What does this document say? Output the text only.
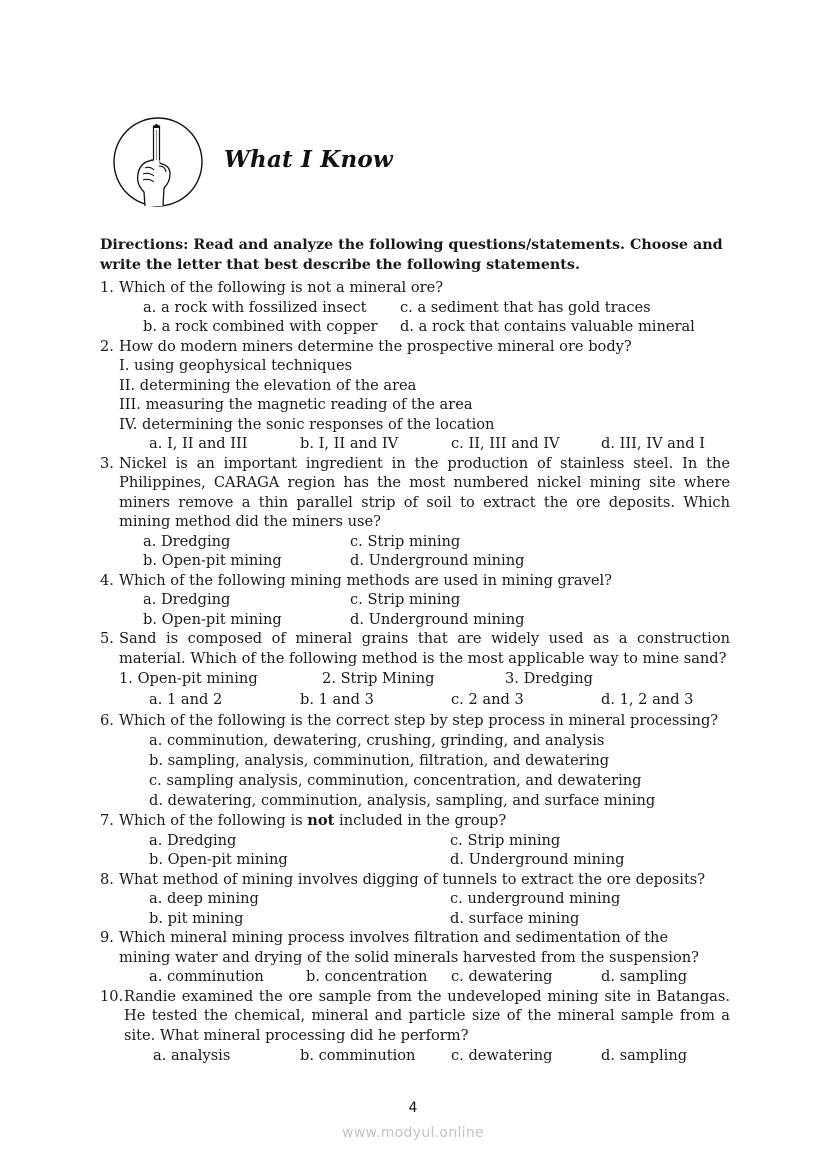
What I Know
Directions: Read and analyze the following questions/statements. Choose and write the letter that best describe the following statements.
1. Which of the following is not a mineral ore?
a. a rock with fossilized insect	c. a sediment that has gold traces
b. a rock combined with copper	d. a rock that contains valuable mineral
2. How do modern miners determine the prospective mineral ore body?
I. using geophysical techniques
II. determining the elevation of the area
III. measuring the magnetic reading of the area
IV. determining the sonic responses of the location
a. I, II and III	b. I, II and IV	c. II, III and IV	d. III, IV and I
3. Nickel is an important ingredient in the production of stainless steel. In the Philippines, CARAGA region has the most numbered nickel mining site where miners remove a thin parallel strip of soil to extract the ore deposits. Which mining method did the miners use?
a. Dredging	c. Strip mining
b. Open-pit mining	d. Underground mining
4. Which of the following mining methods are used in mining gravel?
a. Dredging	c. Strip mining
b. Open-pit mining	d. Underground mining
5. Sand is composed of mineral grains that are widely used as a construction material. Which of the following method is the most applicable way to mine sand?
1. Open-pit mining	2. Strip Mining	3. Dredging
a. 1 and 2	b. 1 and 3	c. 2 and 3	d. 1, 2 and 3
6. Which of the following is the correct step by step process in mineral processing?
a. comminution, dewatering, crushing, grinding, and analysis
b. sampling, analysis, comminution, filtration, and dewatering
c. sampling analysis, comminution, concentration, and dewatering
d. dewatering, comminution, analysis, sampling, and surface mining
7. Which of the following is not included in the group?
a. Dredging	c. Strip mining
b. Open-pit mining	d. Underground mining
8. What method of mining involves digging of tunnels to extract the ore deposits?
a. deep mining	c. underground mining
b. pit mining	d. surface mining
9. Which mineral mining process involves filtration and sedimentation of the
mining water and drying of the solid minerals harvested from the suspension?
a. comminution	b. concentration	c. dewatering	d. sampling
10. Randie examined the ore sample from the undeveloped mining site in Batangas. He tested the chemical, mineral and particle size of the mineral sample from a site. What mineral processing did he perform?
a. analysis	b. comminution	c. dewatering	d. sampling
4
www.modyul.online
